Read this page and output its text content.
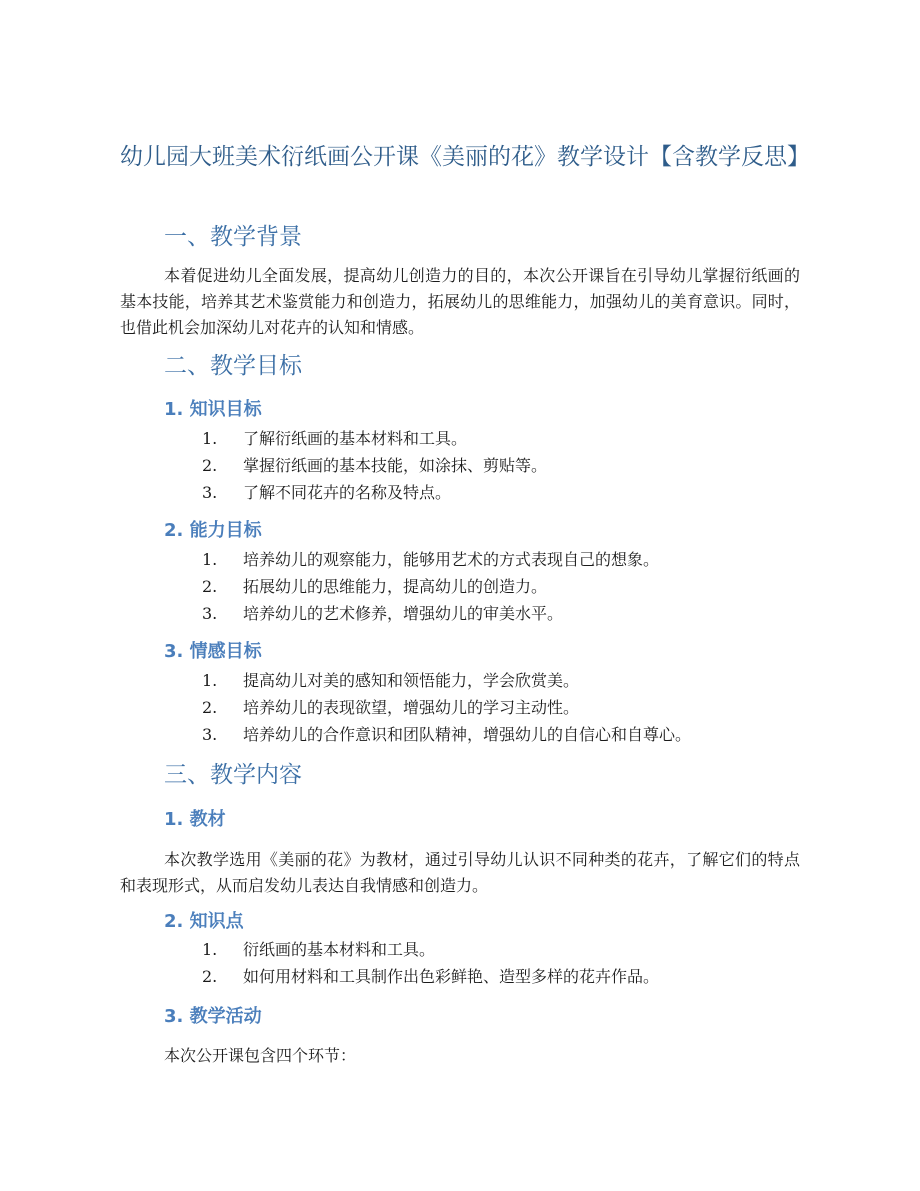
幼儿园大班美术衍纸画公开课《美丽的花》教学设计【含教学反思】
一、教学背景

本着促进幼儿全面发展，提高幼儿创造力的目的，本次公开课旨在引导幼儿掌握衍纸画的基本技能，培养其艺术鉴赏能力和创造力，拓展幼儿的思维能力，加强幼儿的美育意识。同时，也借此机会加深幼儿对花卉的认知和情感。

二、教学目标
1. 知识目标
1.	了解衍纸画的基本材料和工具。
2.	掌握衍纸画的基本技能，如涂抹、剪贴等。
3.	了解不同花卉的名称及特点。
2. 能力目标
1.	培养幼儿的观察能力，能够用艺术的方式表现自己的想象。
2.	拓展幼儿的思维能力，提高幼儿的创造力。
3.	培养幼儿的艺术修养，增强幼儿的审美水平。
3. 情感目标
1.	提高幼儿对美的感知和领悟能力，学会欣赏美。
2.	培养幼儿的表现欲望，增强幼儿的学习主动性。
3.	培养幼儿的合作意识和团队精神，增强幼儿的自信心和自尊心。
三、教学内容
1. 教材

本次教学选用《美丽的花》为教材，通过引导幼儿认识不同种类的花卉，了解它们的特点和表现形式，从而启发幼儿表达自我情感和创造力。

2. 知识点
1.	衍纸画的基本材料和工具。
2.	如何用材料和工具制作出色彩鲜艳、造型多样的花卉作品。
3. 教学活动

本次公开课包含四个环节：
